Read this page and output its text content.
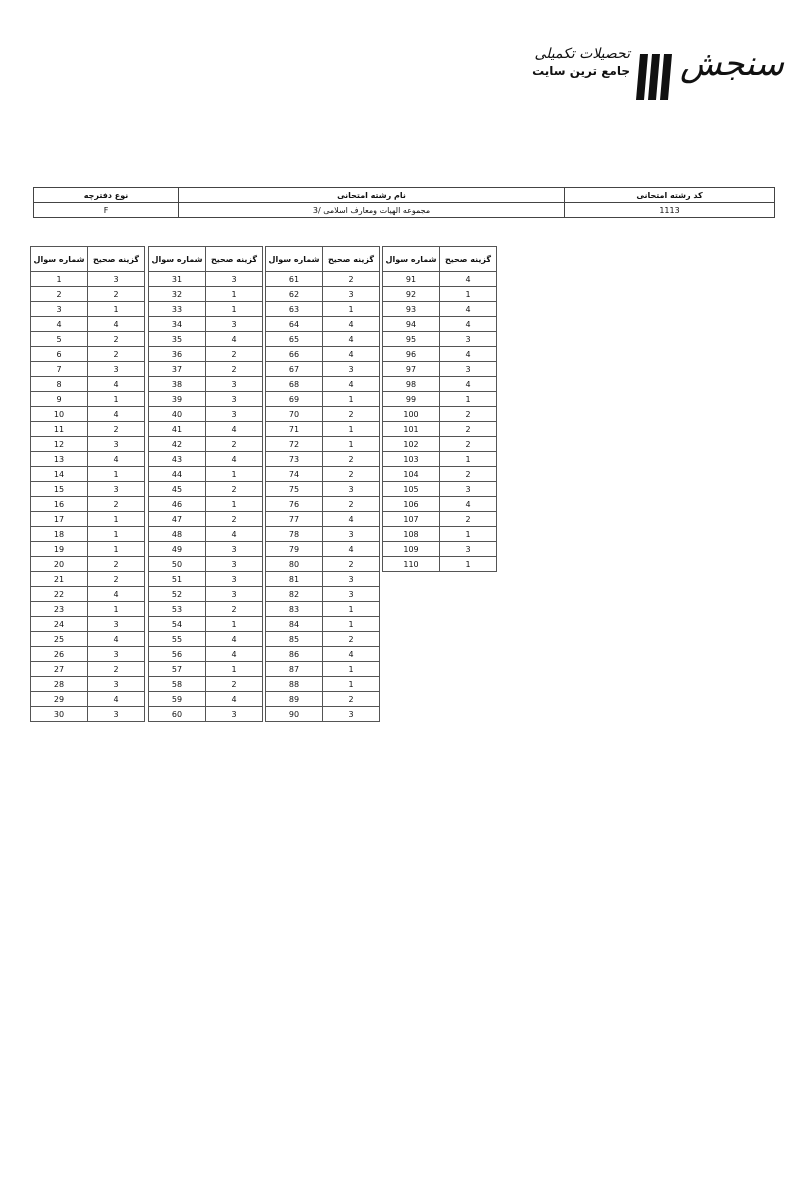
سنجش
تحصیلات تکمیلی
جامع ترین سایت
کد رشته امتحانی	نام رشته امتحانی	نوع دفترچه
1113	مجموعه الهیات ومعارف اسلامی /3	F
گزینه صحیح	شماره سوال
3	1
2	2
1	3
4	4
2	5
2	6
3	7
4	8
1	9
4	10
2	11
3	12
4	13
1	14
3	15
2	16
1	17
1	18
1	19
2	20
2	21
4	22
1	23
3	24
4	25
3	26
2	27
3	28
4	29
3	30
گزینه صحیح	شماره سوال
3	31
1	32
1	33
3	34
4	35
2	36
2	37
3	38
3	39
3	40
4	41
2	42
4	43
1	44
2	45
1	46
2	47
4	48
3	49
3	50
3	51
3	52
2	53
1	54
4	55
4	56
1	57
2	58
4	59
3	60
گزینه صحیح	شماره سوال
2	61
3	62
1	63
4	64
4	65
4	66
3	67
4	68
1	69
2	70
1	71
1	72
2	73
2	74
3	75
2	76
4	77
3	78
4	79
2	80
3	81
3	82
1	83
1	84
2	85
4	86
1	87
1	88
2	89
3	90
گزینه صحیح	شماره سوال
4	91
1	92
4	93
4	94
3	95
4	96
3	97
4	98
1	99
2	100
2	101
2	102
1	103
2	104
3	105
4	106
2	107
1	108
3	109
1	110
